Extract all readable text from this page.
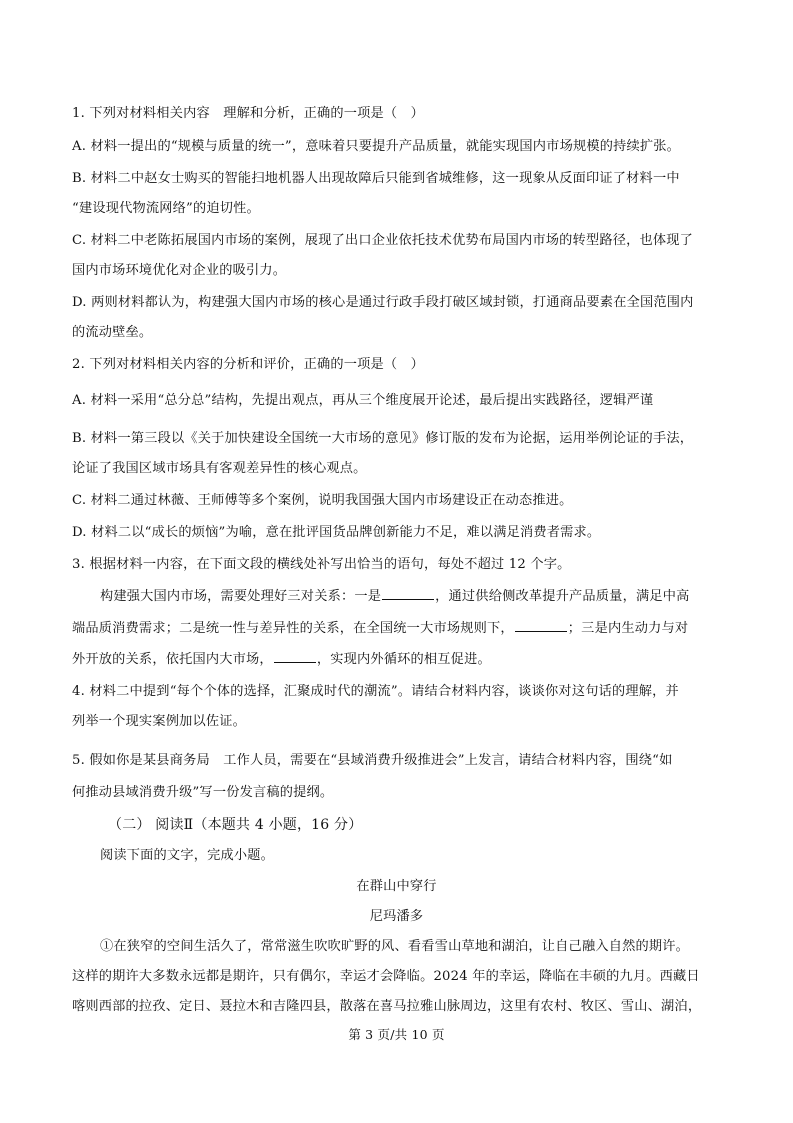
1. 下列对材料相关内容　理解和分析，正确的一项是（　）
A. 材料一提出的“规模与质量的统一”，意味着只要提升产品质量，就能实现国内市场规模的持续扩张。
B. 材料二中赵女士购买的智能扫地机器人出现故障后只能到省城维修，这一现象从反面印证了材料一中
“建设现代物流网络”的迫切性。
C. 材料二中老陈拓展国内市场的案例，展现了出口企业依托技术优势布局国内市场的转型路径，也体现了
国内市场环境优化对企业的吸引力。
D. 两则材料都认为，构建强大国内市场的核心是通过行政手段打破区域封锁，打通商品要素在全国范围内
的流动壁垒。
2. 下列对材料相关内容的分析和评价，正确的一项是（　）
A. 材料一采用“总分总”结构，先提出观点，再从三个维度展开论述，最后提出实践路径，逻辑严谨
B. 材料一第三段以《关于加快建设全国统一大市场的意见》修订版的发布为论据，运用举例论证的手法，
论证了我国区域市场具有客观差异性的核心观点。
C. 材料二通过林薇、王师傅等多个案例，说明我国强大国内市场建设正在动态推进。
D. 材料二以“成长的烦恼”为喻，意在批评国货品牌创新能力不足，难以满足消费者需求。
3. 根据材料一内容，在下面文段的横线处补写出恰当的语句，每处不超过 12 个字。
构建强大国内市场，需要处理好三对关系：一是	，通过供给侧改革提升产品质量，满足中高
端品质消费需求；二是统一性与差异性的关系，在全国统一大市场规则下，	；三是内生动力与对
外开放的关系，依托国内大市场，	，实现内外循环的相互促进。
4. 材料二中提到“每个个体的选择，汇聚成时代的潮流”。请结合材料内容，谈谈你对这句话的理解，并
列举一个现实案例加以佐证。
5. 假如你是某县商务局　工作人员，需要在“县域消费升级推进会”上发言，请结合材料内容，围绕“如
何推动县域消费升级”写一份发言稿的提纲。
（二） 阅读Ⅱ（本题共 4 小题，16 分）
阅读下面的文字，完成小题。
在群山中穿行
尼玛潘多
①在狭窄的空间生活久了，常常滋生吹吹旷野的风、看看雪山草地和湖泊，让自己融入自然的期许。
这样的期许大多数永远都是期许，只有偶尔，幸运才会降临。2024 年的幸运，降临在丰硕的九月。西藏日
喀则西部的拉孜、定日、聂拉木和吉隆四县，散落在喜马拉雅山脉周边，这里有农村、牧区、雪山、湖泊，
第 3 页/共 10 页
